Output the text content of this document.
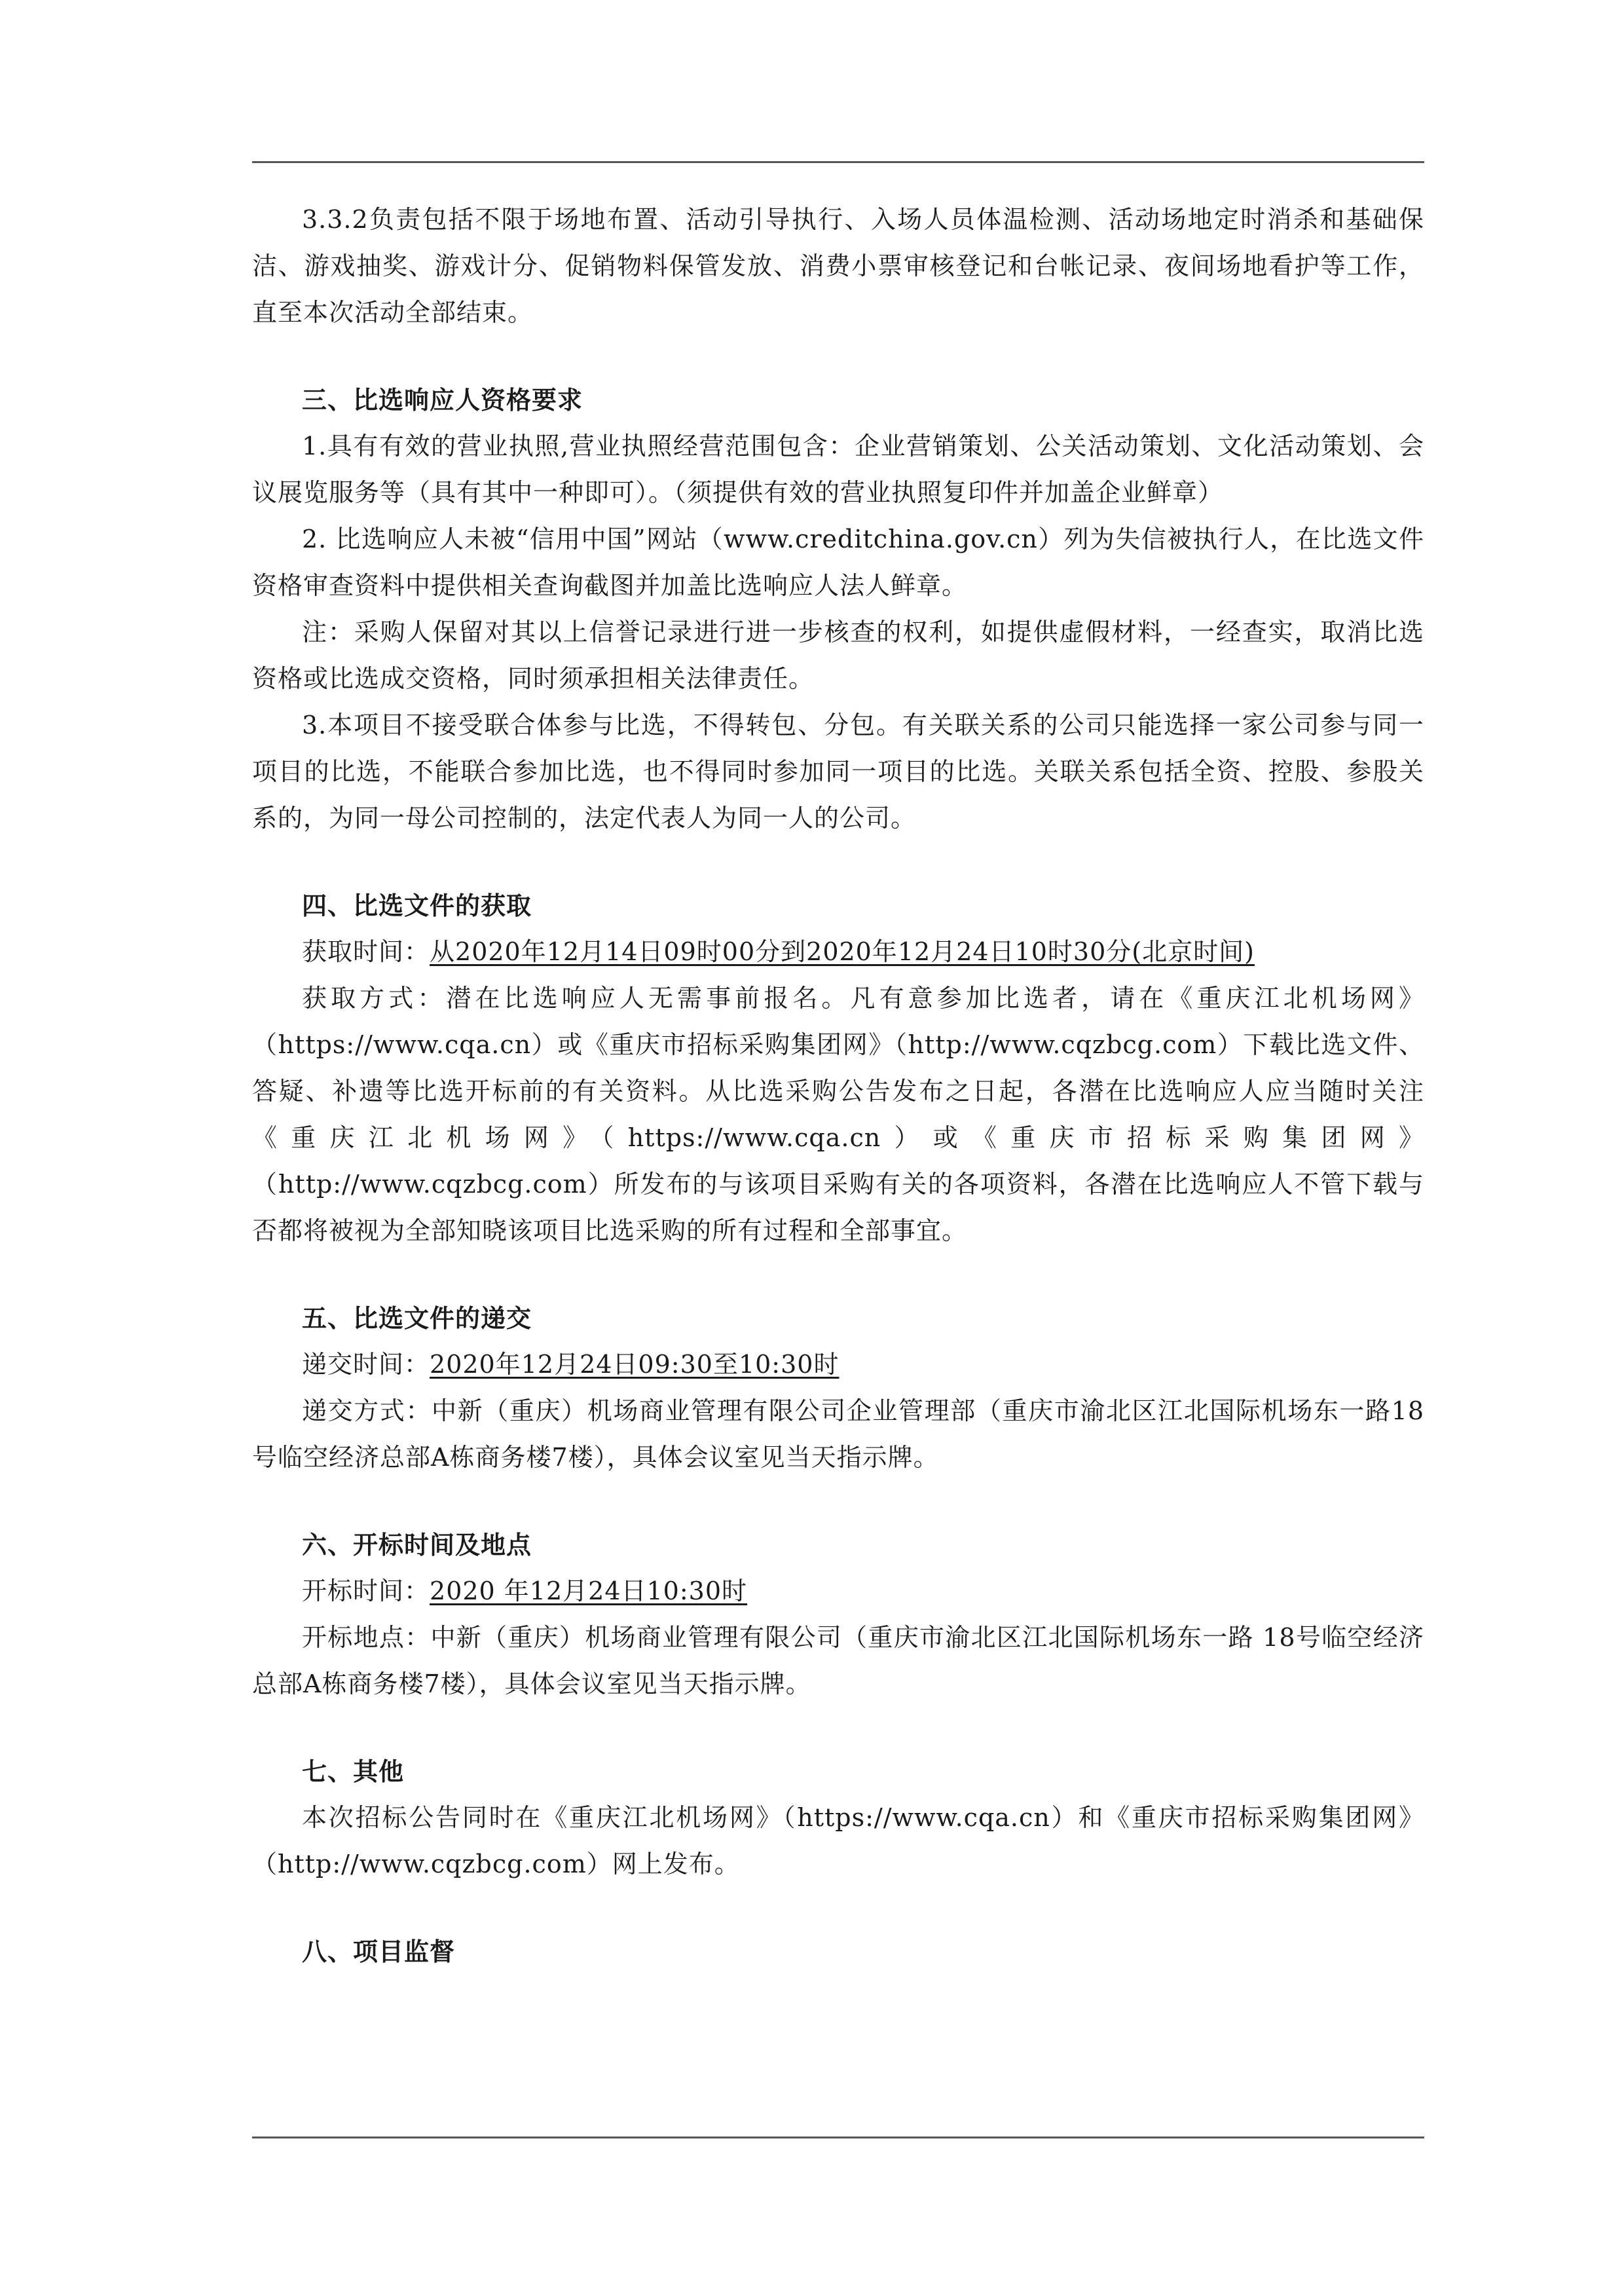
3.3.2负责包括不限于场地布置、活动引导执行、入场人员体温检测、活动场地定时消杀和基础保洁、游戏抽奖、游戏计分、促销物料保管发放、消费小票审核登记和台帐记录、夜间场地看护等工作，直至本次活动全部结束。

三、比选响应人资格要求

1.具有有效的营业执照,营业执照经营范围包含：企业营销策划、公关活动策划、文化活动策划、会议展览服务等（具有其中一种即可）。（须提供有效的营业执照复印件并加盖企业鲜章）

2. 比选响应人未被“信用中国”网站（www.creditchina.gov.cn）列为失信被执行人，在比选文件资格审查资料中提供相关查询截图并加盖比选响应人法人鲜章。

注：采购人保留对其以上信誉记录进行进一步核查的权利，如提供虚假材料，一经查实，取消比选资格或比选成交资格，同时须承担相关法律责任。

3.本项目不接受联合体参与比选，不得转包、分包。有关联关系的公司只能选择一家公司参与同一项目的比选，不能联合参加比选，也不得同时参加同一项目的比选。关联关系包括全资、控股、参股关系的，为同一母公司控制的，法定代表人为同一人的公司。

四、比选文件的获取

获取时间：从2020年12月14日09时00分到2020年12月24日10时30分(北京时间)

获取方式：潜在比选响应人无需事前报名。凡有意参加比选者，请在《重庆江北机场网》（https://www.cqa.cn）或《重庆市招标采购集团网》（http://www.cqzbcg.com）下载比选文件、答疑、补遗等比选开标前的有关资料。从比选采购公告发布之日起，各潜在比选响应人应当随时关注《重庆江北机场网》（https://www.cqa.cn）或《重庆市招标采购集团网》（http://www.cqzbcg.com）所发布的与该项目采购有关的各项资料，各潜在比选响应人不管下载与否都将被视为全部知晓该项目比选采购的所有过程和全部事宜。

五、比选文件的递交

递交时间：2020年12月24日09:30至10:30时

递交方式：中新（重庆）机场商业管理有限公司企业管理部（重庆市渝北区江北国际机场东一路18号临空经济总部A栋商务楼7楼），具体会议室见当天指示牌。

六、开标时间及地点

开标时间：2020 年12月24日10:30时

开标地点：中新（重庆）机场商业管理有限公司（重庆市渝北区江北国际机场东一路 18号临空经济总部A栋商务楼7楼），具体会议室见当天指示牌。

七、其他

本次招标公告同时在《重庆江北机场网》（https://www.cqa.cn）和《重庆市招标采购集团网》（http://www.cqzbcg.com）网上发布。

八、项目监督
